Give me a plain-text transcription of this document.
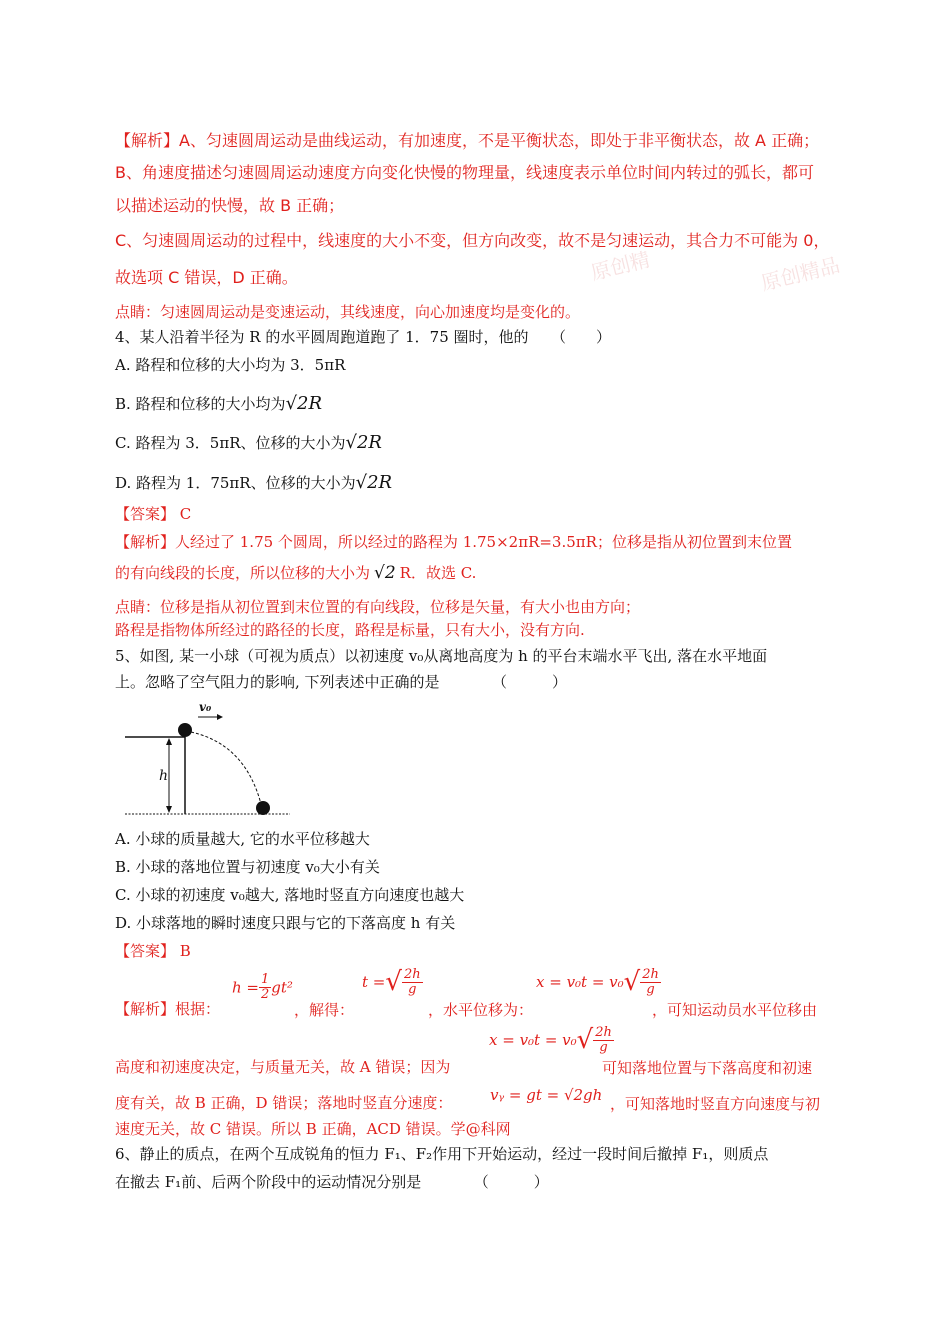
原创精	原创精品
【解析】A、匀速圆周运动是曲线运动，有加速度，不是平衡状态，即处于非平衡状态，故 A 正确；
B、角速度描述匀速圆周运动速度方向变化快慢的物理量，线速度表示单位时间内转过的弧长，都可
以描述运动的快慢，故 B 正确；
C、匀速圆周运动的过程中，线速度的大小不变，但方向改变，故不是匀速运动，其合力不可能为 0，
故选项 C 错误，D 正确。
点睛：匀速圆周运动是变速运动，其线速度，向心加速度均是变化的。
4、某人沿着半径为 R 的水平圆周跑道跑了 1．75 圈时，他的　　（　　）
A. 路程和位移的大小均为 3．5πR
B. 路程和位移的大小均为√2R
C. 路程为 3．5πR、位移的大小为√2R
D. 路程为 1．75πR、位移的大小为√2R
【答案】 C
【解析】人经过了 1.75 个圆周，所以经过的路程为 1.75×2πR=3.5πR；位移是指从初位置到末位置
的有向线段的长度，所以位移的大小为 √2 R．故选 C.
点睛：位移是指从初位置到末位置的有向线段，位移是矢量，有大小也由方向；
路程是指物体所经过的路径的长度，路程是标量，只有大小，没有方向.
5、如图, 某一小球（可视为质点）以初速度 v₀从离地高度为 h 的平台末端水平飞出, 落在水平地面
上。忽略了空气阻力的影响, 下列表述中正确的是　　　　（　　　）
h
v₀
A. 小球的质量越大, 它的水平位移越大
B. 小球的落地位置与初速度 v₀大小有关
C. 小球的初速度 v₀越大, 落地时竖直方向速度也越大
D. 小球落地的瞬时速度只跟与它的下落高度 h 有关
【答案】 B
【解析】根据：
$h = \frac{1}{2} gt^2$
，解得：
t =√ $\frac{2h}{g}$
，水平位移为：
$x = v_0t = v_0√ \frac{2h}{g}$
，可知运动员水平位移由
高度和初速度决定，与质量无关，故 A 错误；因为
$x = v_0t = v_0√ \frac{2h}{g}$
可知落地位置与下落高度和初速
度有关，故 B 正确，D 错误；落地时竖直分速度：	vᵧ = gt = √2gh ，可知落地时竖直方向速度与初
速度无关，故 C 错误。所以 B 正确，ACD 错误。学@科网
6、静止的质点，在两个互成锐角的恒力 F₁、F₂作用下开始运动，经过一段时间后撤掉 F₁，则质点
在撤去 F₁前、后两个阶段中的运动情况分别是　　　　（　　　）
